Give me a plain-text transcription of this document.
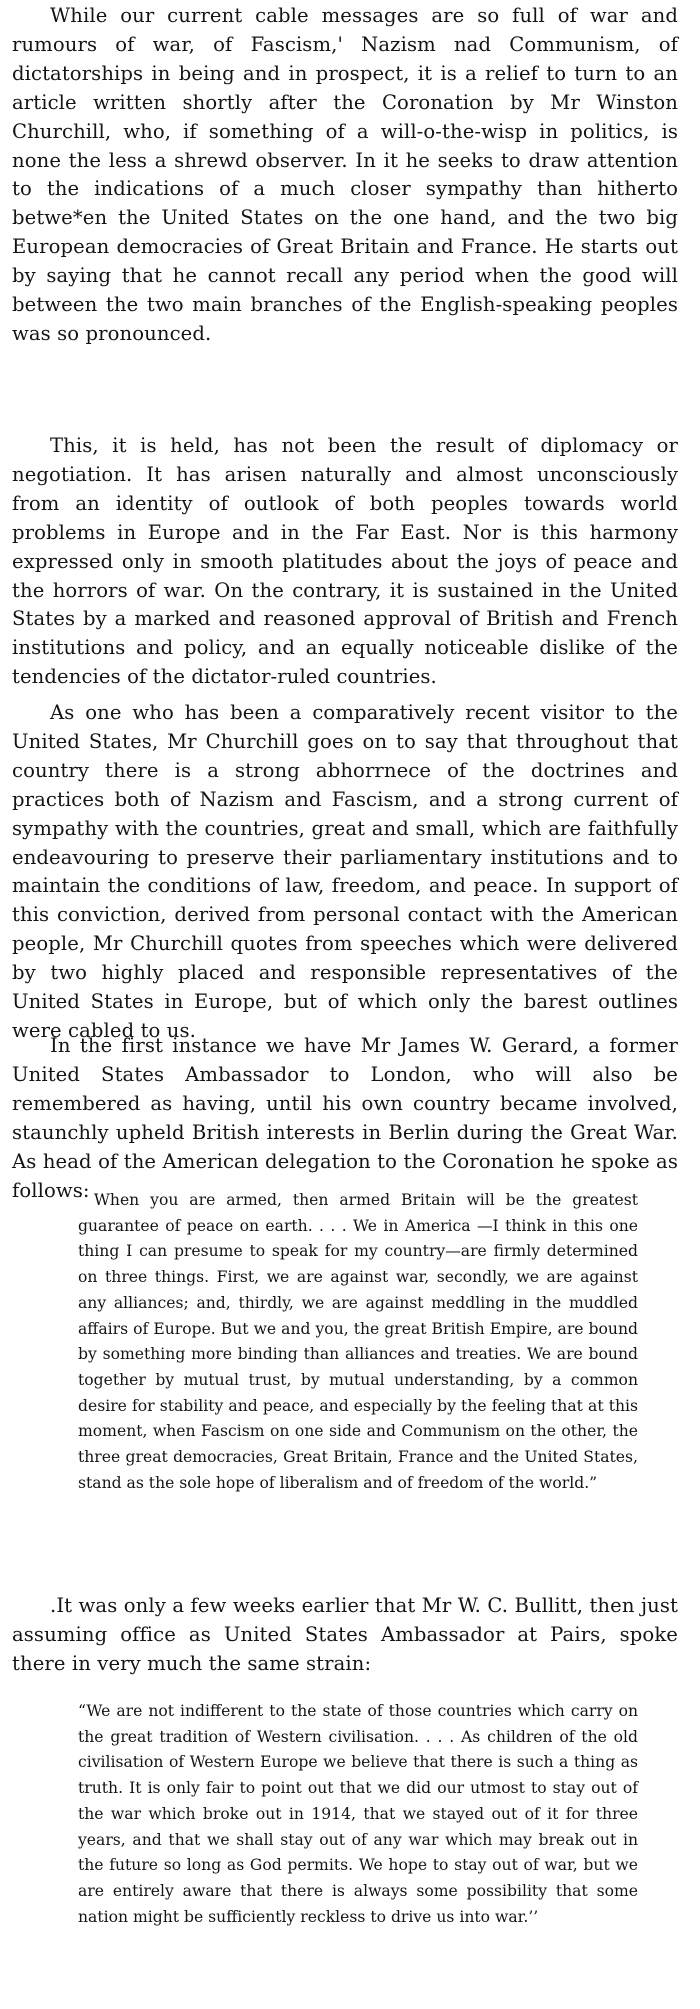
While our current cable messages are so full of war and rumours of war, of Fascism,' Nazism nad Communism, of dictatorships in being and in prospect, it is a relief to turn to an article written shortly after the Coronation by Mr Winston Churchill, who, if something of a will-o-the-wisp in politics, is none the less a shrewd observer. In it he seeks to draw attention to the indications of a much closer sympathy than hitherto betwe*en the United States on the one hand, and the two big European democracies of Great Britain and France. He starts out by saying that he cannot recall any period when the good will between the two main branches of the English-speaking peoples was so pronounced.

This, it is held, has not been the result of diplomacy or negotiation. It has arisen naturally and almost unconsciously from an identity of outlook of both peoples towards world problems in Europe and in the Far East. Nor is this harmony expressed only in smooth platitudes about the joys of peace and the horrors of war. On the contrary, it is sustained in the United States by a marked and reasoned approval of British and French institutions and policy, and an equally noticeable dislike of the tendencies of the dictator-ruled countries.

As one who has been a comparatively recent visitor to the United States, Mr Churchill goes on to say that throughout that country there is a strong abhorrnece of the doctrines and practices both of Nazism and Fascism, and a strong current of sympathy with the countries, great and small, which are faithfully endeavouring to preserve their parliamentary institutions and to maintain the conditions of law, freedom, and peace. In support of this conviction, derived from personal contact with the American people, Mr Churchill quotes from speeches which were delivered by two highly placed and responsible representatives of the United States in Europe, but of which only the barest outlines were cabled to us.

In the first instance we have Mr James W. Gerard, a former United States Ambassador to London, who will also be remembered as having, until his own country became involved, staunchly upheld British interests in Berlin during the Great War. As head of the American delegation to the Coronation he spoke as follows:

‘ When you are armed, then armed Britain will be the greatest guarantee of peace on earth. . . . We in America —I think in this one thing I can presume to speak for my country—are firmly determined on three things. First, we are against war, secondly, we are against any alliances; and, thirdly, we are against meddling in the muddled affairs of Europe. But we and you, the great British Empire, are bound by something more binding than alliances and treaties. We are bound together by mutual trust, by mutual understanding, by a common desire for stability and peace, and especially by the feeling that at this moment, when Fascism on one side and Communism on the other, the three great democracies, Great Britain, France and the United States, stand as the sole hope of liberalism and of freedom of the world.”

.It was only a few weeks earlier that Mr W. C. Bullitt, then just assuming office as United States Ambassador at Pairs, spoke there in very much the same strain:

“We are not indifferent to the state of those countries which carry on the great tradition of Western civilisation. . . . As children of the old civilisation of Western Europe we believe that there is such a thing as truth. It is only fair to point out that we did our utmost to stay out of the war which broke out in 1914, that we stayed out of it for three years, and that we shall stay out of any war which may break out in the future so long as God permits. We hope to stay out of war, but we are entirely aware that there is always some possibility that some nation might be sufficiently reckless to drive us into war.’’
